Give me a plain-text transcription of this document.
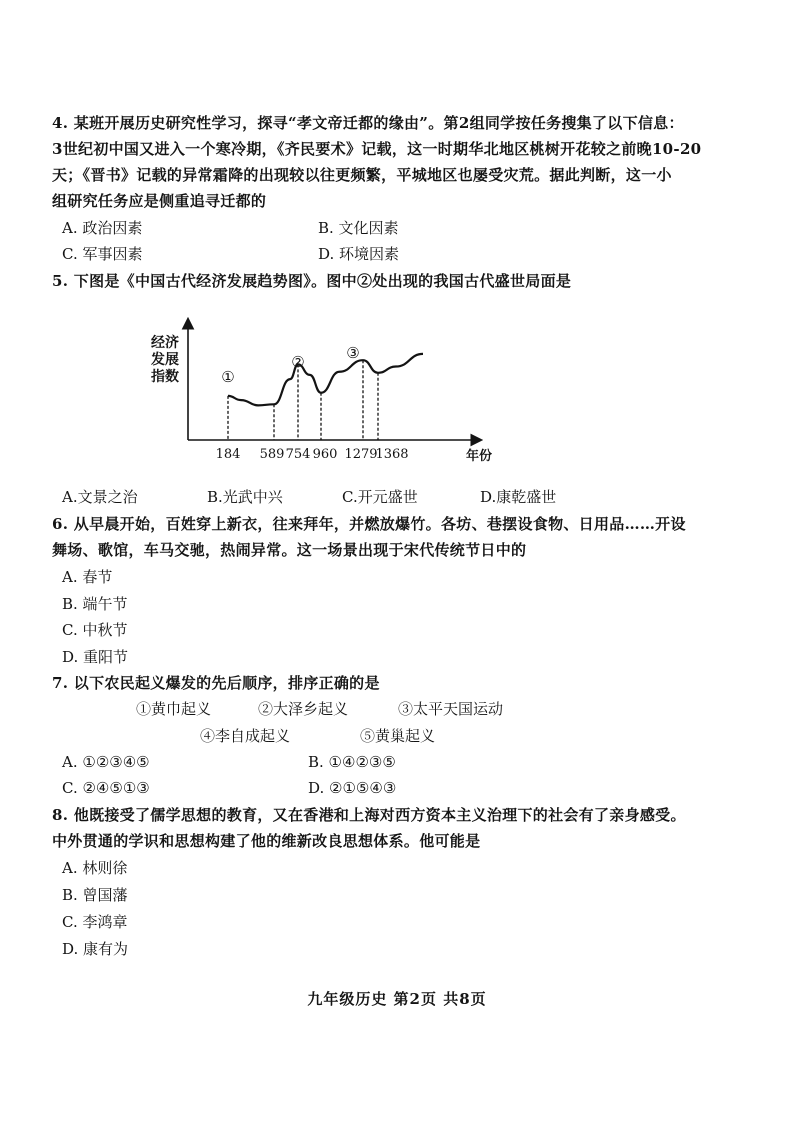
4. 某班开展历史研究性学习，探寻“孝文帝迁都的缘由”。第2组同学按任务搜集了以下信息：
3世纪初中国又进入一个寒冷期，《齐民要术》记载，这一时期华北地区桃树开花较之前晚10-20
天；《晋书》记载的异常霜降的出现较以往更频繁，平城地区也屡受灾荒。据此判断，这一小
组研究任务应是侧重追寻迁都的
A. 政治因素	B. 文化因素
C. 军事因素	D. 环境因素
5. 下图是《中国古代经济发展趋势图》。图中②处出现的我国古代盛世局面是
经 济
发 展
指 数
年份
184 589 754 960 1279
1368
①
②	③
A.文景之治	B.光武中兴	C.开元盛世	D.康乾盛世
6. 从早晨开始，百姓穿上新衣，往来拜年，并燃放爆竹。各坊、巷摆设食物、日用品……开设
舞场、歌馆，车马交驰，热闹异常。这一场景出现于宋代传统节日中的
A. 春节
B. 端午节
C. 中秋节
D. 重阳节
7. 以下农民起义爆发的先后顺序，排序正确的是
①黄巾起义	②大泽乡起义	③太平天国运动
④李自成起义	⑤黄巢起义
A. ①②③④⑤	B. ①④②③⑤
C. ②④⑤①③	D. ②①⑤④③
8. 他既接受了儒学思想的教育，又在香港和上海对西方资本主义治理下的社会有了亲身感受。
中外贯通的学识和思想构建了他的维新改良思想体系。他可能是
A. 林则徐
B. 曾国藩
C. 李鸿章
D. 康有为
九年级历史 第2页 共8页
